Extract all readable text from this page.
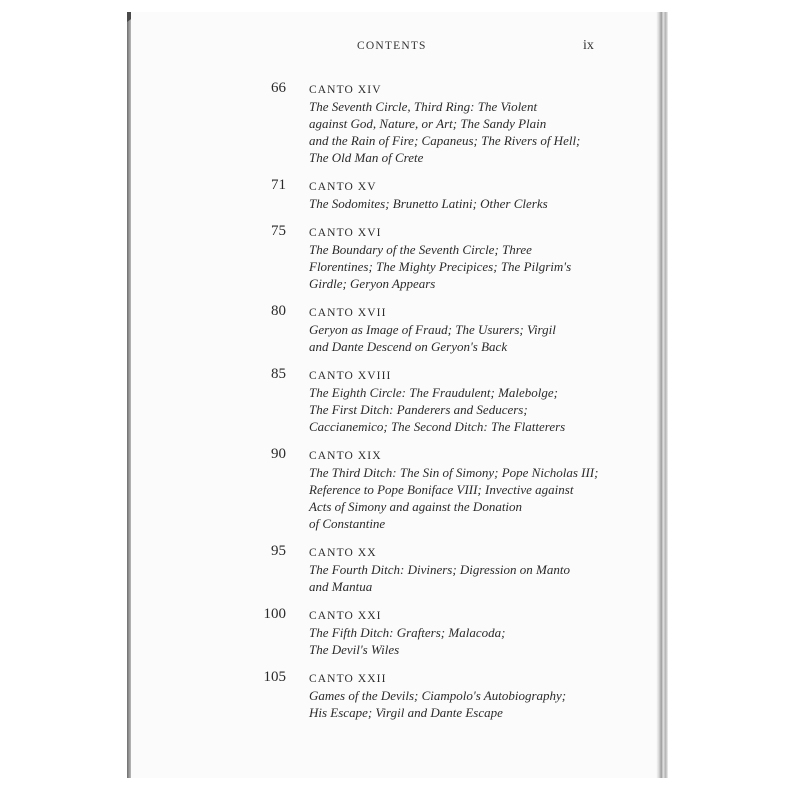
CONTENTS	ix
66 CANTO XIV
The Seventh Circle, Third Ring: The Violent
against God, Nature, or Art; The Sandy Plain
and the Rain of Fire; Capaneus; The Rivers of Hell;
The Old Man of Crete
71 CANTO XV
The Sodomites; Brunetto Latini; Other Clerks
75 CANTO XVI
The Boundary of the Seventh Circle; Three
Florentines; The Mighty Precipices; The Pilgrim's
Girdle; Geryon Appears
80 CANTO XVII
Geryon as Image of Fraud; The Usurers; Virgil
and Dante Descend on Geryon's Back
85 CANTO XVIII
The Eighth Circle: The Fraudulent; Malebolge;
The First Ditch: Panderers and Seducers;
Caccianemico; The Second Ditch: The Flatterers
90 CANTO XIX
The Third Ditch: The Sin of Simony; Pope Nicholas III;
Reference to Pope Boniface VIII; Invective against
Acts of Simony and against the Donation
of Constantine
95 CANTO XX
The Fourth Ditch: Diviners; Digression on Manto
and Mantua
100 CANTO XXI
The Fifth Ditch: Grafters; Malacoda;
The Devil's Wiles
105 CANTO XXII
Games of the Devils; Ciampolo's Autobiography;
His Escape; Virgil and Dante Escape
